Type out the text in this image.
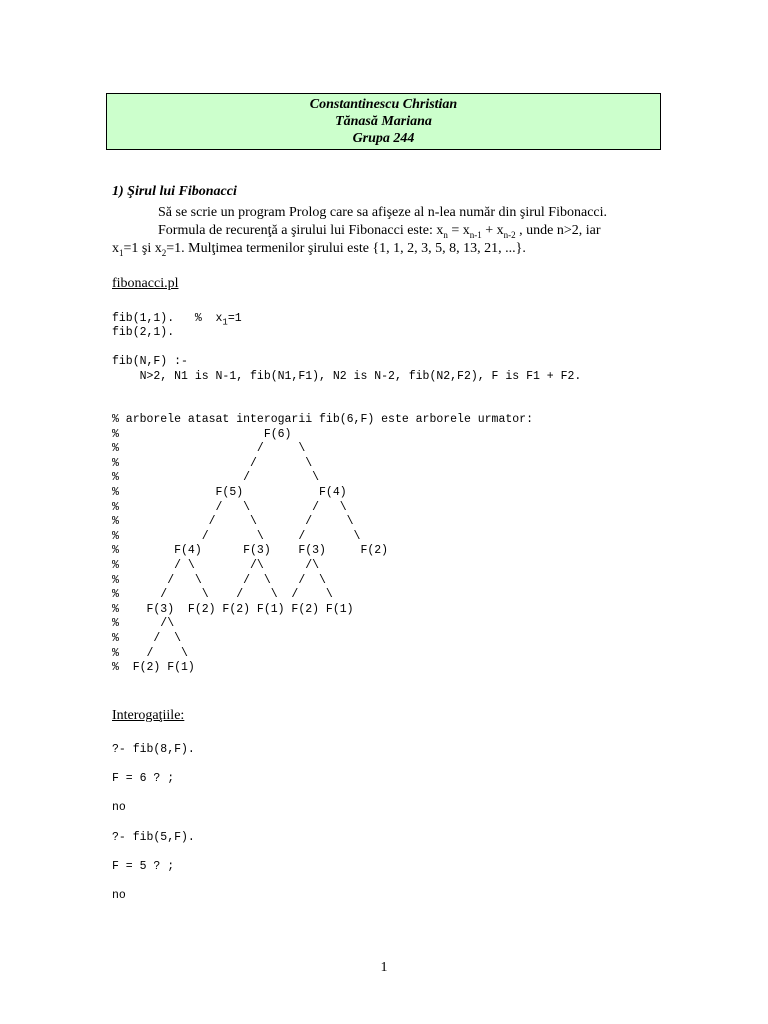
Constantinescu Christian
Tănasă Mariana
Grupa 244
1) Şirul lui Fibonacci
Să se scrie un program Prolog care sa afişeze al n-lea număr din şirul Fibonacci.
Formula de recurenţă a şirului lui Fibonacci este: $x_n = x_{n-1} + x_{n-2}$ , unde n>2, iar
$x_1=1$ şi $x_2=1$. Mulţimea termenilor şirului este {1, 1, 2, 3, 5, 8, 13, 21, ...}.
fibonacci.pl
fib(1,1).   %  $x_1=1$
fib(2,1).

fib(N,F) :-
N>2, N1 is N-1, fib(N1,F1), N2 is N-2, fib(N2,F2), F is F1 + F2.
% arborele atasat interogarii fib(6,F) este arborele urmator:
%                     F(6)
%                    /     \
%                   /       \
%                  /         \
%              F(5)           F(4)
%              /   \         /   \
%             /     \       /     \
%            /       \     /       \
%        F(4)      F(3)    F(3)     F(2)
%        / \        /\      /\
%       /   \      /  \    /  \
%      /     \    /    \  /    \
%    F(3)  F(2) F(2) F(1) F(2) F(1)
%      /\
%     /  \
%    /    \
%  F(2) F(1)
Interogaţiile:
?- fib(8,F).
F = 6 ? ;
no
?- fib(5,F).
F = 5 ? ;
no
1
